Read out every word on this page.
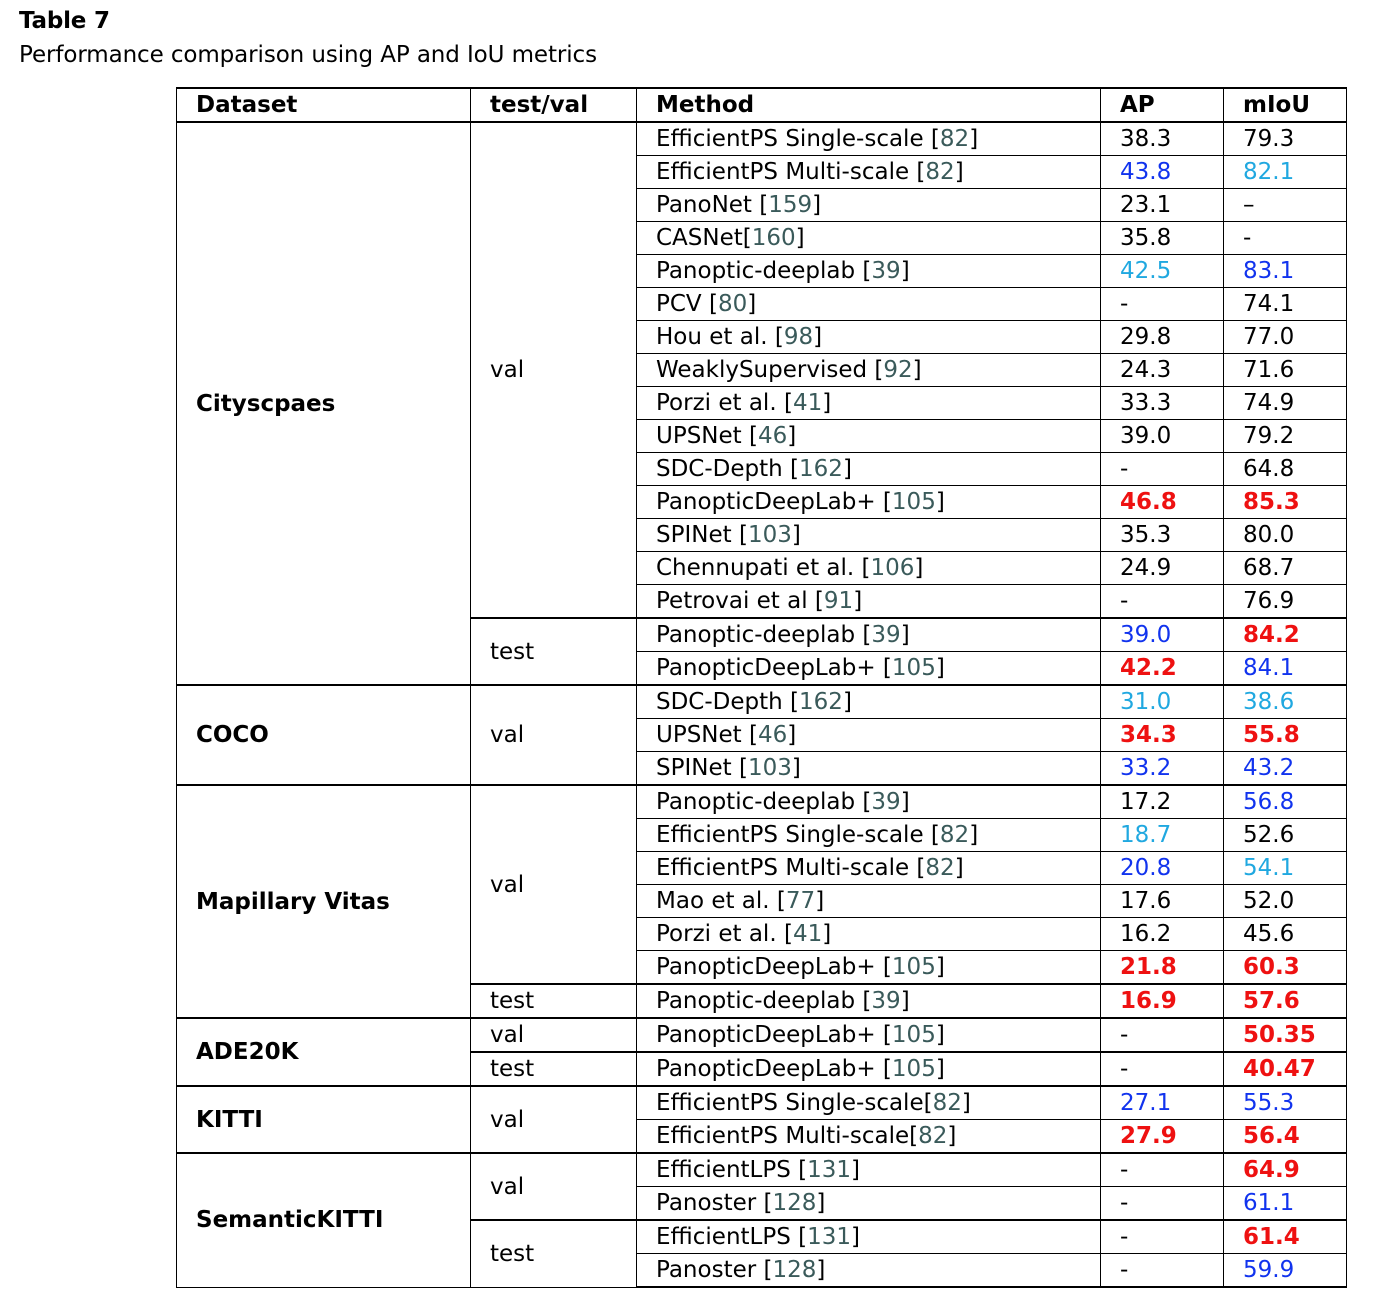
Table 7
Performance comparison using AP and IoU metrics
Dataset	test/val	Method	AP	mIoU
Cityscpaes	val	EfficientPS Single-scale [82]	38.3	79.3
		EfficientPS Multi-scale [82]	43.8	82.1
		PanoNet [159]	23.1	–
		CASNet[160]	35.8	-
		Panoptic-deeplab [39]	42.5	83.1
		PCV [80]	-	74.1
		Hou et al. [98]	29.8	77.0
		WeaklySupervised [92]	24.3	71.6
		Porzi et al. [41]	33.3	74.9
		UPSNet [46]	39.0	79.2
		SDC-Depth [162]	-	64.8
		PanopticDeepLab+ [105]	46.8	85.3
		SPINet [103]	35.3	80.0
		Chennupati et al. [106]	24.9	68.7
		Petrovai et al [91]	-	76.9
	test	Panoptic-deeplab [39]	39.0	84.2
		PanopticDeepLab+ [105]	42.2	84.1
COCO	val	SDC-Depth [162]	31.0	38.6
		UPSNet [46]	34.3	55.8
		SPINet [103]	33.2	43.2
Mapillary Vitas	val	Panoptic-deeplab [39]	17.2	56.8
		EfficientPS Single-scale [82]	18.7	52.6
		EfficientPS Multi-scale [82]	20.8	54.1
		Mao et al. [77]	17.6	52.0
		Porzi et al. [41]	16.2	45.6
		PanopticDeepLab+ [105]	21.8	60.3
	test	Panoptic-deeplab [39]	16.9	57.6
ADE20K	val	PanopticDeepLab+ [105]	-	50.35
	test	PanopticDeepLab+ [105]	-	40.47
KITTI	val	EfficientPS Single-scale[82]	27.1	55.3
		EfficientPS Multi-scale[82]	27.9	56.4
SemanticKITTI	val	EfficientLPS [131]	-	64.9
		Panoster [128]	-	61.1
	test	EfficientLPS [131]	-	61.4
		Panoster [128]	-	59.9
